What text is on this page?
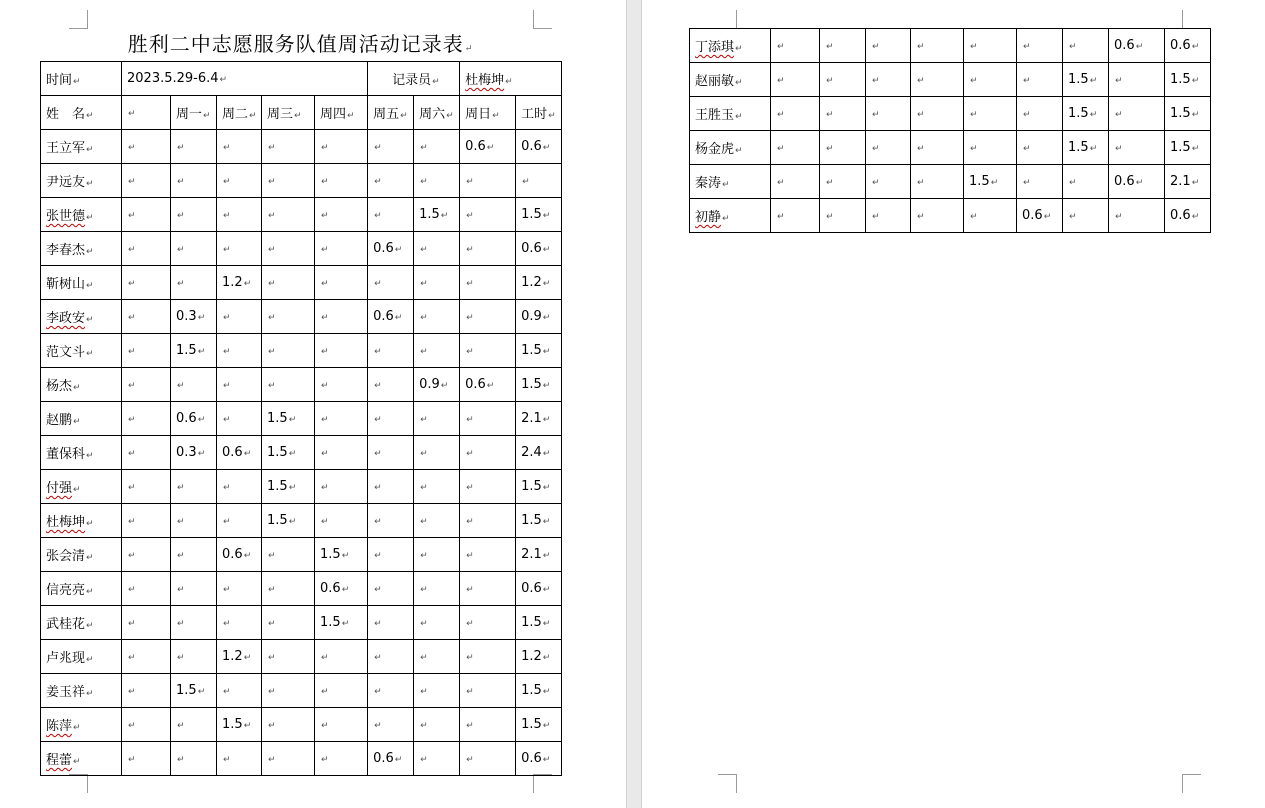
胜利二中志愿服务队值周活动记录表↵
时间↵	2023.5.29-6.4↵					记录员↵		杜梅坤↵	
姓　名↵	↵	周一↵	周二↵	周三↵	周四↵	周五↵	周六↵	周日↵	工时↵
王立军↵	↵	↵	↵	↵	↵	↵	↵	0.6↵	0.6↵
尹远友↵	↵	↵	↵	↵	↵	↵	↵	↵	↵
张世德↵	↵	↵	↵	↵	↵	↵	1.5↵	↵	1.5↵
李春杰↵	↵	↵	↵	↵	↵	0.6↵	↵	↵	0.6↵
靳树山↵	↵	↵	1.2↵	↵	↵	↵	↵	↵	1.2↵
李政安↵	↵	0.3↵	↵	↵	↵	0.6↵	↵	↵	0.9↵
范文斗↵	↵	1.5↵	↵	↵	↵	↵	↵	↵	1.5↵
杨杰↵	↵	↵	↵	↵	↵	↵	0.9↵	0.6↵	1.5↵
赵鹏↵	↵	0.6↵	↵	1.5↵	↵	↵	↵	↵	2.1↵
董保科↵	↵	0.3↵	0.6↵	1.5↵	↵	↵	↵	↵	2.4↵
付强↵	↵	↵	↵	1.5↵	↵	↵	↵	↵	1.5↵
杜梅坤↵	↵	↵	↵	1.5↵	↵	↵	↵	↵	1.5↵
张会清↵	↵	↵	0.6↵	↵	1.5↵	↵	↵	↵	2.1↵
信亮亮↵	↵	↵	↵	↵	0.6↵	↵	↵	↵	0.6↵
武桂花↵	↵	↵	↵	↵	1.5↵	↵	↵	↵	1.5↵
卢兆现↵	↵	↵	1.2↵	↵	↵	↵	↵	↵	1.2↵
姜玉祥↵	↵	1.5↵	↵	↵	↵	↵	↵	↵	1.5↵
陈萍↵	↵	↵	1.5↵	↵	↵	↵	↵	↵	1.5↵
程蕾↵	↵	↵	↵	↵	↵	0.6↵	↵	↵	0.6↵
丁添琪↵	↵	↵	↵	↵	↵	↵	↵	0.6↵	0.6↵
赵丽敏↵	↵	↵	↵	↵	↵	↵	1.5↵	↵	1.5↵
王胜玉↵	↵	↵	↵	↵	↵	↵	1.5↵	↵	1.5↵
杨金虎↵	↵	↵	↵	↵	↵	↵	1.5↵	↵	1.5↵
秦涛↵	↵	↵	↵	↵	1.5↵	↵	↵	0.6↵	2.1↵
初静↵	↵	↵	↵	↵	↵	0.6↵	↵	↵	0.6↵
